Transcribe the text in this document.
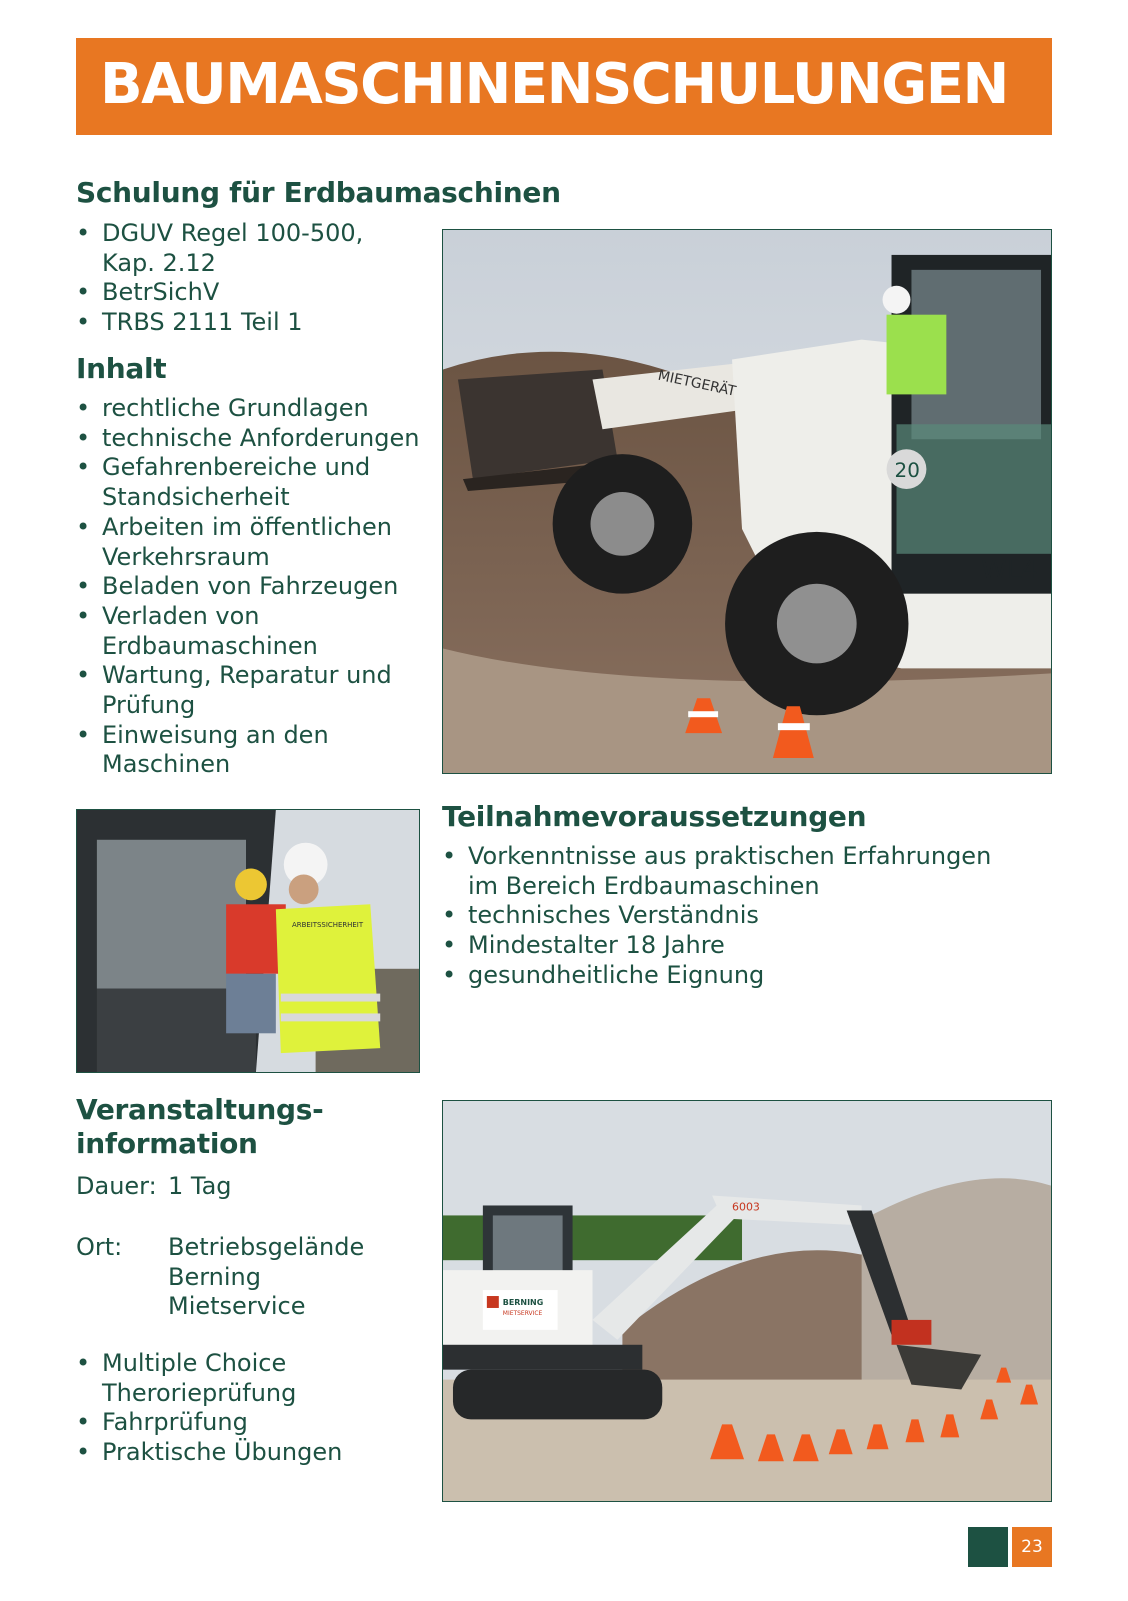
BAUMASCHINENSCHULUNGEN
Schulung für Erdbaumaschinen
• DGUV Regel 100-500,
Kap. 2.12
• BetrSichV
• TRBS 2111 Teil 1
Inhalt
• rechtliche Grundlagen
• technische Anforderungen
• Gefahrenbereiche und
Standsicherheit
• Arbeiten im öffentlichen
Verkehrsraum
• Beladen von Fahrzeugen
• Verladen von
Erdbaumaschinen
• Wartung, Reparatur und
Prüfung
• Einweisung an den
Maschinen
MIETGERÄT
20
WL4
ARBEITSSICHERHEIT
Teilnahmevoraussetzungen
• Vorkenntnisse aus praktischen Erfahrungen
im Bereich Erdbaumaschinen
• technisches Verständnis
• Mindestalter 18 Jahre
• gesundheitliche Eignung
Veranstaltungs-
information
Dauer: 1 Tag
Ort: Betriebsgelände
Berning
Mietservice
• Multiple Choice
Therorieprüfung
• Fahrprüfung
• Praktische Übungen
BERNING
MIETSERVICE
6003
23
